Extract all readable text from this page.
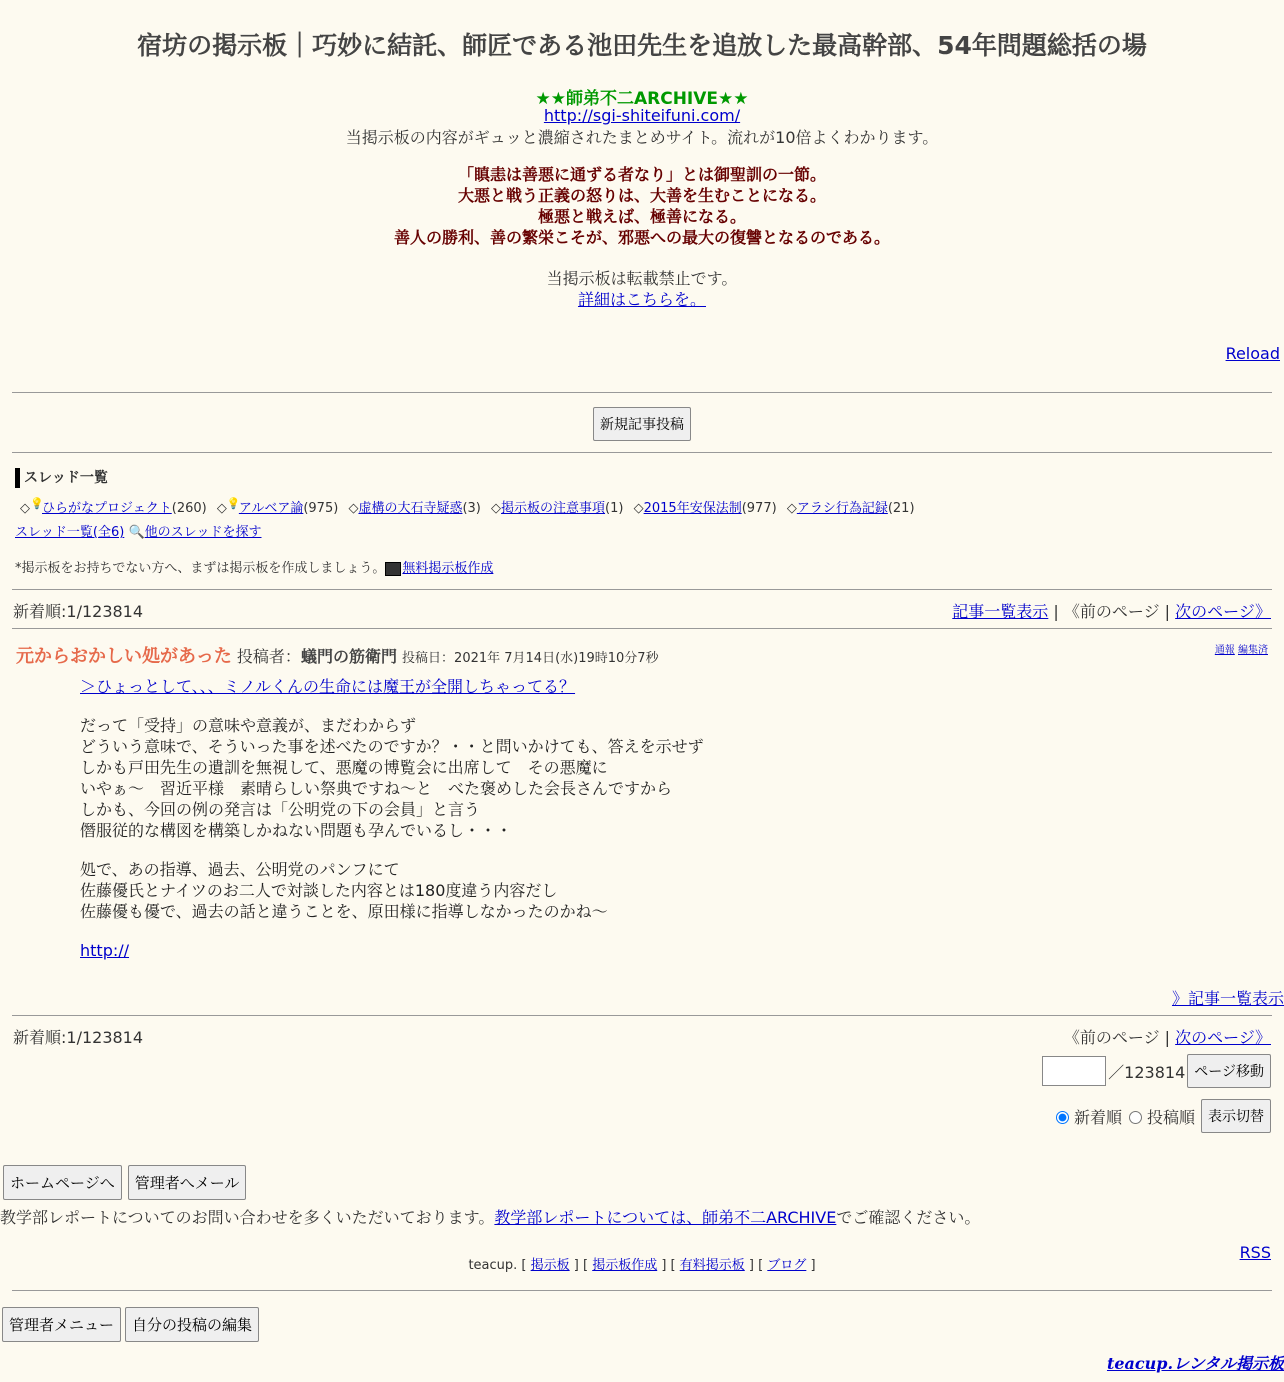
宿坊の掲示板｜巧妙に結託、師匠である池田先生を追放した最高幹部、54年問題総括の場
★★師弟不二ARCHIVE★★
http://sgi-shiteifuni.com/
当掲示板の内容がギュッと濃縮されたまとめサイト。流れが10倍よくわかります。
「瞋恚は善悪に通ずる者なり」とは御聖訓の一節。
大悪と戦う正義の怒りは、大善を生むことになる。
極悪と戦えば、極善になる。
善人の勝利、善の繁栄こそが、邪悪への最大の復讐となるのである。
当掲示板は転載禁止です。
詳細はこちらを。
Reload
新規記事投稿
スレッド一覧
◇💡ひらがなプロジェクト(260) ◇💡アルベア論(975) ◇虚構の大石寺疑惑(3) ◇掲示板の注意事項(1) ◇2015年安保法制(977) ◇アラシ行為記録(21)
スレッド一覧(全6) 🔍他のスレッドを探す
*掲示板をお持ちでない方へ、まずは掲示板を作成しましょう。 無料掲示板作成
新着順:1/123814	記事一覧表示 | 《前のページ | 次のページ》
元からおかしい処があった 投稿者：蟻門の筋衛門 投稿日：2021年 7月14日(水)19時10分7秒
通報 編集済

＞ひょっとして、、、ミノルくんの生命には魔王が全開しちゃってる？

だって「受持」の意味や意義が、まだわからず
どういう意味で、そういった事を述べたのですか？・・と問いかけても、答えを示せず
しかも戸田先生の遺訓を無視して、悪魔の博覧会に出席して　その悪魔に
いやぁ～　習近平様　素晴らしい祭典ですね～と　べた褒めした会長さんですから
しかも、今回の例の発言は「公明党の下の会員」と言う
僭服従的な構図を構築しかねない問題も孕んでいるし・・・

処で、あの指導、過去、公明党のパンフにて
佐藤優氏とナイツのお二人で対談した内容とは180度違う内容だし
佐藤優も優で、過去の話と違うことを、原田様に指導しなかったのかね～

http://

》記事一覧表示
新着順:1/123814	《前のページ | 次のページ》
／123814 ページ移動
新着順 投稿順 表示切替
ホームページへ	管理者へメール
教学部レポートについてのお問い合わせを多くいただいております。教学部レポートについては、師弟不二ARCHIVEでご確認ください。
RSS
teacup. [ 掲示板 ] [ 掲示板作成 ] [ 有料掲示板 ] [ ブログ ]
管理者メニュー	自分の投稿の編集
teacup.レンタル掲示板
